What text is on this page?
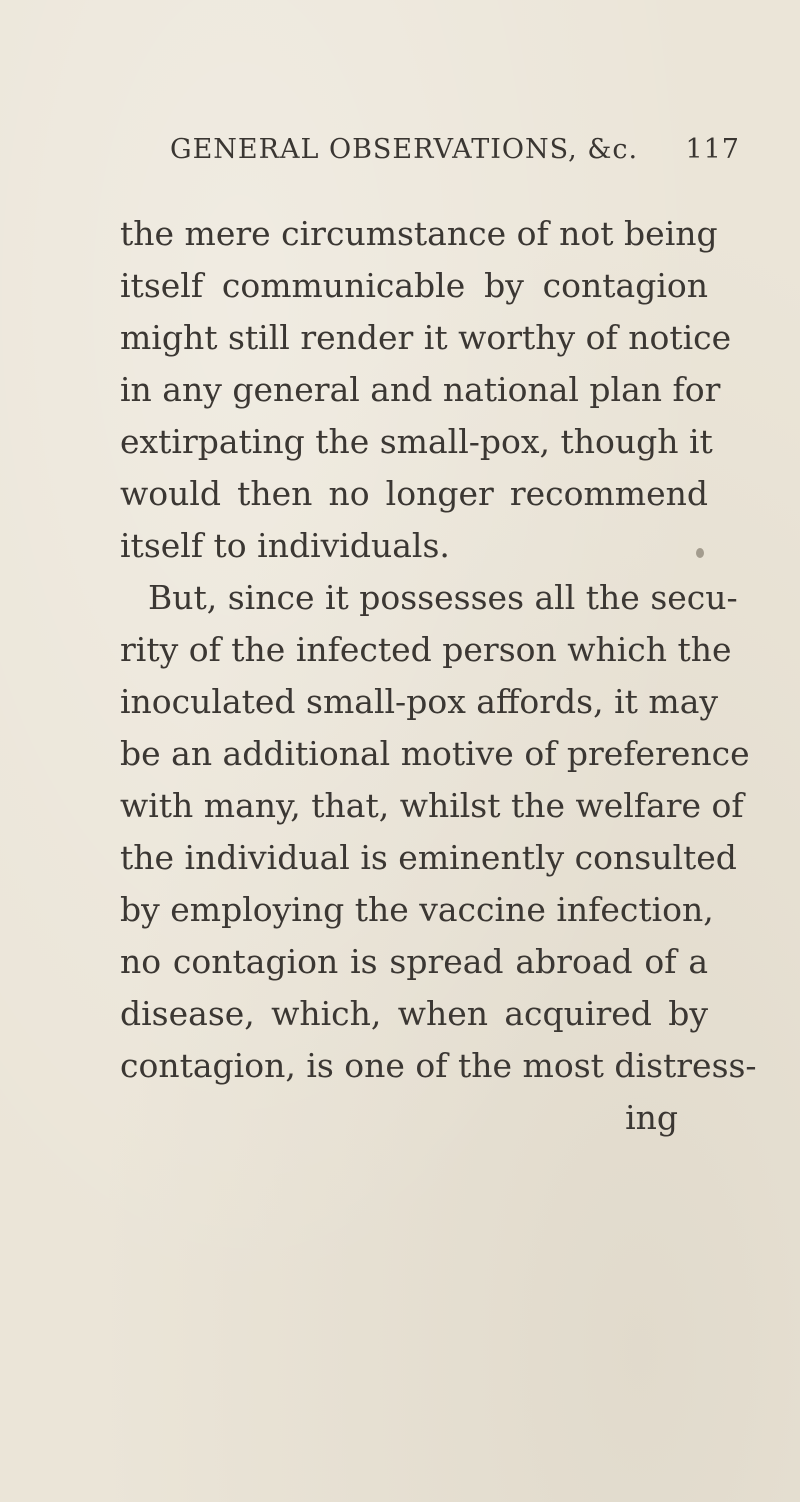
GENERAL OBSERVATIONS, &c. 117
the mere circumstance of not being
itself communicable by contagion
might still render it worthy of notice
in any general and national plan for
extirpating the small-pox, though it
would then no longer recommend
itself to individuals.
But, since it possesses all the secu-
rity of the infected person which the
inoculated small-pox affords, it may
be an additional motive of preference
with many, that, whilst the welfare of
the individual is eminently consulted
by employing the vaccine infection,
no contagion is spread abroad of a
disease, which, when acquired by
contagion, is one of the most distress-
ing
